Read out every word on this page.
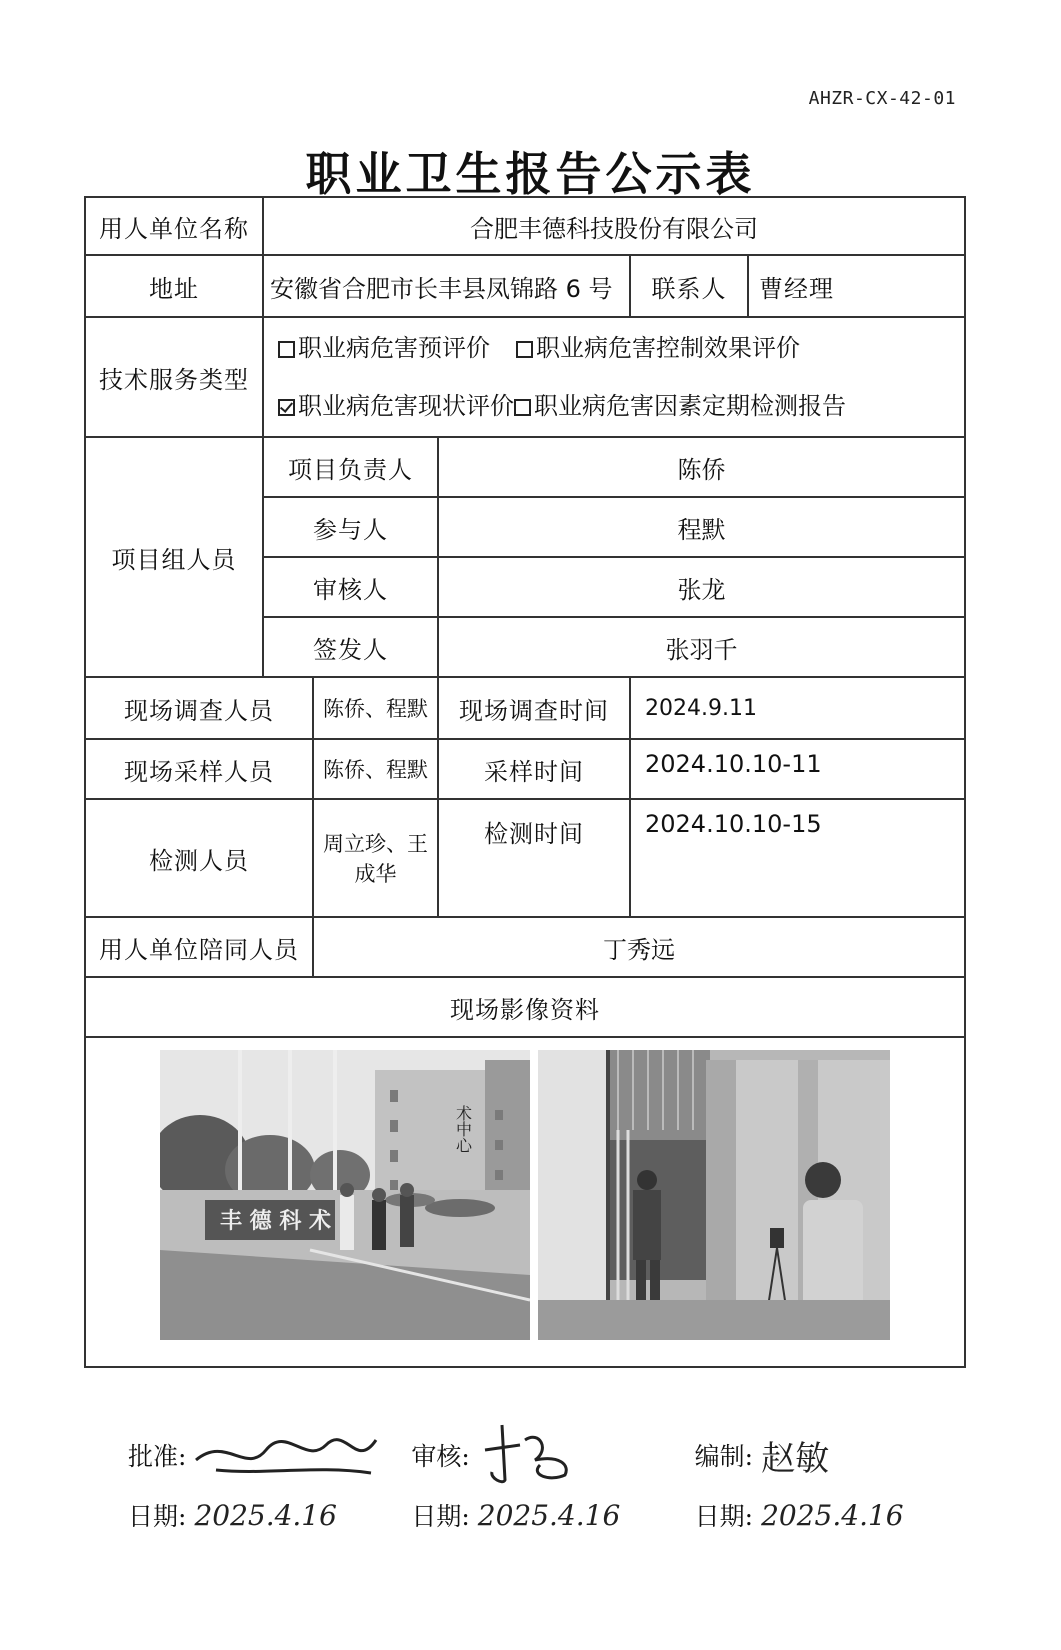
AHZR-CX-42-01
职业卫生报告公示表
用人单位名称	合肥丰德科技股份有限公司				
地址	安徽省合肥市长丰县凤锦路 6 号			联系人	曹经理
技术服务类型	职业病危害预评价 职业病危害控制效果评价
职业病危害现状评价 职业病危害因素定期检测报告				
项目组人员	项目负责人		陈侨		
	参与人		程默		
	审核人		张龙		
	签发人		张羽千		
现场调查人员		陈侨、程默	现场调查时间	2024.9.11	
现场采样人员		陈侨、程默	采样时间	2024.10.10-11	
检测人员		周立珍、王成华	检测时间	2024.10.10-15	
用人单位陪同人员		丁秀远			
现场影像资料					

术中心
丰 德 科 术					
批准:	审核:	编制: 赵敏
日期: 2025.4.16	日期: 2025.4.16	日期: 2025.4.16
